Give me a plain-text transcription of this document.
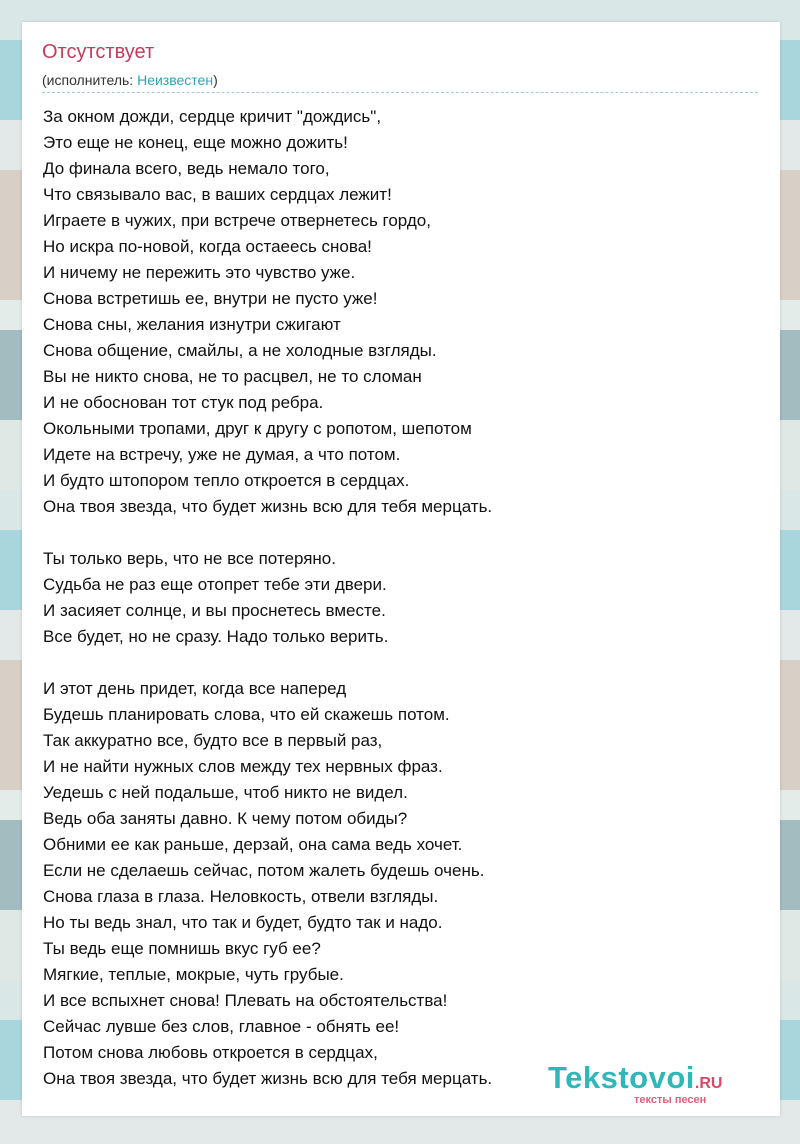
Отсутствует
(исполнитель: Неизвестен)
За окном дожди, сердце кричит "дождись",
Это еще не конец, еще можно дожить!
До финала всего, ведь немало того,
Что связывало вас, в ваших сердцах лежит!
Играете в чужих, при встрече отвернетесь гордо,
Но искра по-новой, когда остаеесь снова!
И ничему не пережить это чувство уже.
Снова встретишь ее, внутри не пусто уже!
Снова сны, желания изнутри сжигают
Снова общение, смайлы, а не холодные взгляды.
Вы не никто снова, не то расцвел, не то сломан
И не обоснован тот стук под ребра.
Окольными тропами, друг к другу с ропотом, шепотом
Идете на встречу, уже не думая, а что потом.
И будто штопором тепло откроется в сердцах.
Она твоя звезда, что будет жизнь всю для тебя мерцать.
Ты только верь, что не все потеряно.
Судьба не раз еще отопрет тебе эти двери.
И засияет солнце, и вы проснетесь вместе.
Все будет, но не сразу. Надо только верить.
И этот день придет, когда все наперед
Будешь планировать слова, что ей скажешь потом.
Так аккуратно все, будто все в первый раз,
И не найти нужных слов между тех нервных фраз.
Уедешь с ней подальше, чтоб никто не видел.
Ведь оба заняты давно. К чему потом обиды?
Обними ее как раньше, дерзай, она сама ведь хочет.
Если не сделаешь сейчас, потом жалеть будешь очень.
Снова глаза в глаза. Неловкость, отвели взгляды.
Но ты ведь знал, что так и будет, будто так и надо.
Ты ведь еще помнишь вкус губ ее?
Мягкие, теплые, мокрые, чуть грубые.
И все вспыхнет снова! Плевать на обстоятельства!
Сейчас лувше без слов, главное - обнять ее!
Потом снова любовь откроется в сердцах,
Она твоя звезда, что будет жизнь всю для тебя мерцать.	Tekstovoi.RU
тексты песен
